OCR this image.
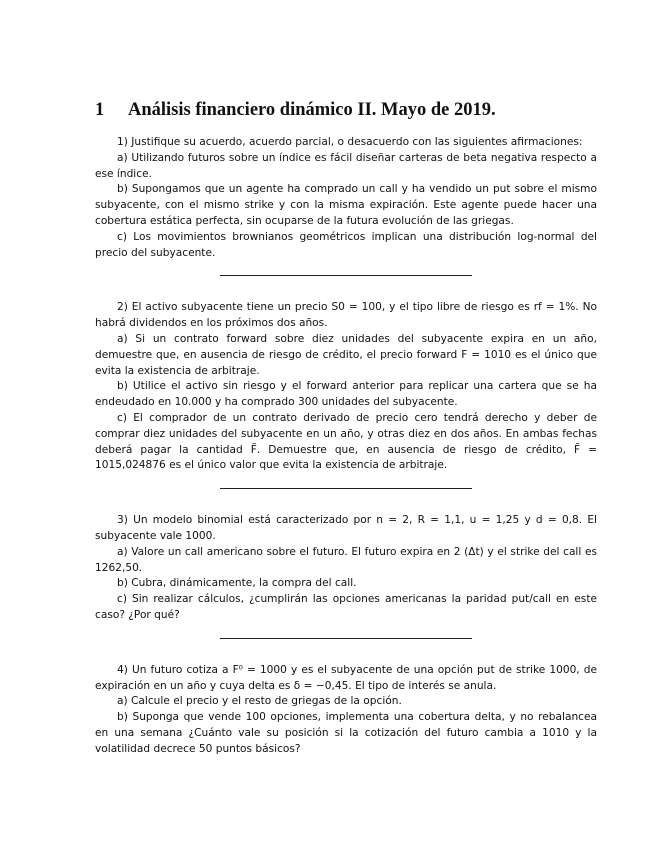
1 Análisis financiero dinámico II. Mayo de 2019.

1) Justifique su acuerdo, acuerdo parcial, o desacuerdo con las siguientes afirmaciones:

a) Utilizando futuros sobre un índice es fácil diseñar carteras de beta negativa respecto a ese índice.

b) Supongamos que un agente ha comprado un call y ha vendido un put sobre el mismo subyacente, con el mismo strike y con la misma expiración. Este agente puede hacer una cobertura estática perfecta, sin ocuparse de la futura evolución de las griegas.

c) Los movimientos brownianos geométricos implican una distribución log-normal del precio del subyacente.

2) El activo subyacente tiene un precio S0 = 100, y el tipo libre de riesgo es rf = 1%. No habrá dividendos en los próximos dos años.

a) Si un contrato forward sobre diez unidades del subyacente expira en un año, demuestre que, en ausencia de riesgo de crédito, el precio forward F = 1010 es el único que evita la existencia de arbitraje.

b) Utilice el activo sin riesgo y el forward anterior para replicar una cartera que se ha endeudado en 10.000 y ha comprado 300 unidades del subyacente.

c) El comprador de un contrato derivado de precio cero tendrá derecho y deber de comprar diez unidades del subyacente en un año, y otras diez en dos años. En ambas fechas deberá pagar la cantidad F̃. Demuestre que, en ausencia de riesgo de crédito, F̃ = 1015,024876 es el único valor que evita la existencia de arbitraje.

3) Un modelo binomial está caracterizado por n = 2, R = 1,1, u = 1,25 y d = 0,8. El subyacente vale 1000.

a) Valore un call americano sobre el futuro. El futuro expira en 2 (Δt) y el strike del call es 1262,50.

b) Cubra, dinámicamente, la compra del call.

c) Sin realizar cálculos, ¿cumplirán las opciones americanas la paridad put/call en este caso? ¿Por qué?

4) Un futuro cotiza a F⁰ = 1000 y es el subyacente de una opción put de strike 1000, de expiración en un año y cuya delta es δ = −0,45. El tipo de interés se anula.

a) Calcule el precio y el resto de griegas de la opción.

b) Suponga que vende 100 opciones, implementa una cobertura delta, y no rebalancea en una semana ¿Cuánto vale su posición si la cotización del futuro cambia a 1010 y la volatilidad decrece 50 puntos básicos?
